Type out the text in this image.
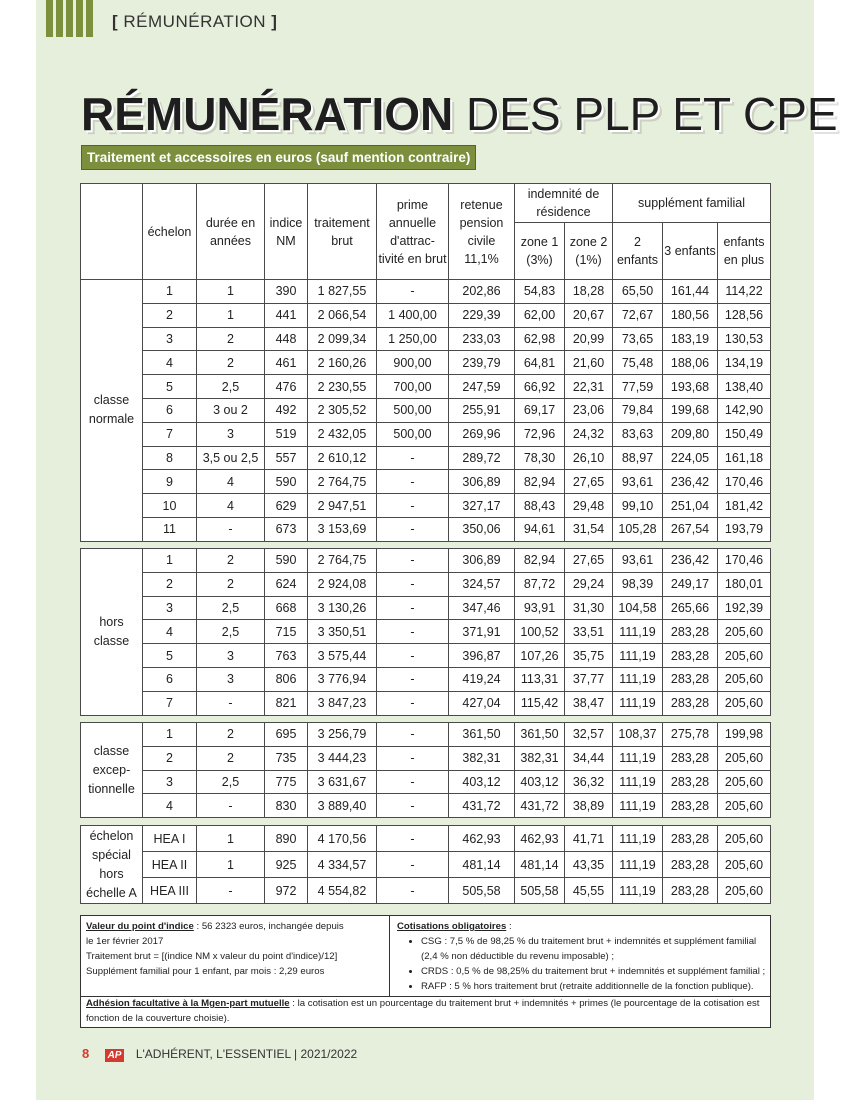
[ RÉMUNÉRATION ]
RÉMUNÉRATION DES PLP ET CPE
Traitement et accessoires en euros (sauf mention contraire)
	échelon	durée en années	indice NM	traitement brut	prime annuelle d'attrac- tivité en brut	retenue pension civile 11,1%	indemnité de résidence		supplément familial		
							zone 1 (3%)	zone 2 (1%)	2 enfants	3 enfants	enfants en plus
classe normale	1	1	390	1 827,55	-	202,86	54,83	18,28	65,50	161,44	114,22
	2	1	441	2 066,54	1 400,00	229,39	62,00	20,67	72,67	180,56	128,56
	3	2	448	2 099,34	1 250,00	233,03	62,98	20,99	73,65	183,19	130,53
	4	2	461	2 160,26	900,00	239,79	64,81	21,60	75,48	188,06	134,19
	5	2,5	476	2 230,55	700,00	247,59	66,92	22,31	77,59	193,68	138,40
	6	3 ou 2	492	2 305,52	500,00	255,91	69,17	23,06	79,84	199,68	142,90
	7	3	519	2 432,05	500,00	269,96	72,96	24,32	83,63	209,80	150,49
	8	3,5 ou 2,5	557	2 610,12	-	289,72	78,30	26,10	88,97	224,05	161,18
	9	4	590	2 764,75	-	306,89	82,94	27,65	93,61	236,42	170,46
	10	4	629	2 947,51	-	327,17	88,43	29,48	99,10	251,04	181,42
	11	-	673	3 153,69	-	350,06	94,61	31,54	105,28	267,54	193,79
hors classe	1	2	590	2 764,75	-	306,89	82,94	27,65	93,61	236,42	170,46
	2	2	624	2 924,08	-	324,57	87,72	29,24	98,39	249,17	180,01
	3	2,5	668	3 130,26	-	347,46	93,91	31,30	104,58	265,66	192,39
	4	2,5	715	3 350,51	-	371,91	100,52	33,51	111,19	283,28	205,60
	5	3	763	3 575,44	-	396,87	107,26	35,75	111,19	283,28	205,60
	6	3	806	3 776,94	-	419,24	113,31	37,77	111,19	283,28	205,60
	7	-	821	3 847,23	-	427,04	115,42	38,47	111,19	283,28	205,60
classe excep- tionnelle	1	2	695	3 256,79	-	361,50	361,50	32,57	108,37	275,78	199,98
	2	2	735	3 444,23	-	382,31	382,31	34,44	111,19	283,28	205,60
	3	2,5	775	3 631,67	-	403,12	403,12	36,32	111,19	283,28	205,60
	4	-	830	3 889,40	-	431,72	431,72	38,89	111,19	283,28	205,60
échelon spécial hors échelle A	HEA I	1	890	4 170,56	-	462,93	462,93	41,71	111,19	283,28	205,60
	HEA II	1	925	4 334,57	-	481,14	481,14	43,35	111,19	283,28	205,60
	HEA III	-	972	4 554,82	-	505,58	505,58	45,55	111,19	283,28	205,60
Valeur du point d'indice : 56 2323 euros, inchangée depuis
le 1er février 2017
Traitement brut = [(indice NM x valeur du point d'indice)/12]
Supplément familial pour 1 enfant, par mois : 2,29 euros
Cotisations obligatoires :
• CSG : 7,5 % de 98,25 % du traitement brut + indemnités et supplément familial (2,4 % non déductible du revenu imposable) ;
• CRDS : 0,5 % de 98,25% du traitement brut + indemnités et supplément familial ;
• RAFP : 5 % hors traitement brut (retraite additionnelle de la fonction publique).
Adhésion facultative à la Mgen-part mutuelle : la cotisation est un pourcentage du traitement brut + indemnités + primes (le pourcentage de la cotisation est fonction de la couverture choisie).
8 AP L'ADHÉRENT, L'ESSENTIEL | 2021/2022
